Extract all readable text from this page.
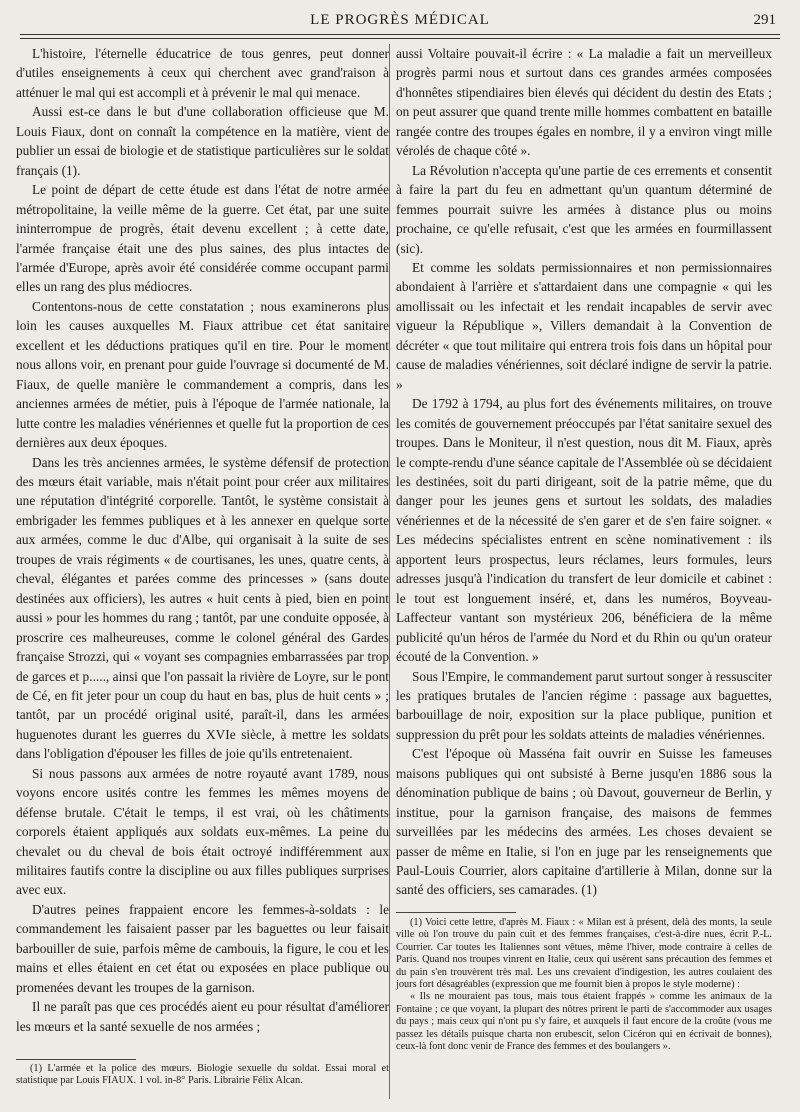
LE PROGRÈS MÉDICAL	291

L'histoire, l'éternelle éducatrice de tous genres, peut donner d'utiles enseignements à ceux qui cherchent avec grand'raison à atténuer le mal qui est accompli et à prévenir le mal qui menace.

Aussi est-ce dans le but d'une collaboration officieuse que M. Louis Fiaux, dont on connaît la compétence en la matière, vient de publier un essai de biologie et de statistique particulières sur le soldat français (1).

Le point de départ de cette étude est dans l'état de notre armée métropolitaine, la veille même de la guerre. Cet état, par une suite ininterrompue de progrès, était devenu excellent ; à cette date, l'armée française était une des plus saines, des plus intactes de l'armée d'Europe, après avoir été considérée comme occupant parmi elles un rang des plus médiocres.

Contentons-nous de cette constatation ; nous examinerons plus loin les causes auxquelles M. Fiaux attribue cet état sanitaire excellent et les déductions pratiques qu'il en tire. Pour le moment nous allons voir, en prenant pour guide l'ouvrage si documenté de M. Fiaux, de quelle manière le commandement a compris, dans les anciennes armées de métier, puis à l'époque de l'armée nationale, la lutte contre les maladies vénériennes et quelle fut la proportion de ces dernières aux deux époques.

Dans les très anciennes armées, le système défensif de protection des mœurs était variable, mais n'était point pour créer aux militaires une réputation d'intégrité corporelle. Tantôt, le système consistait à embrigader les femmes publiques et à les annexer en quelque sorte aux armées, comme le duc d'Albe, qui organisait à la suite de ses troupes de vrais régiments « de courtisanes, les unes, quatre cents, à cheval, élégantes et parées comme des princesses » (sans doute destinées aux officiers), les autres « huit cents à pied, bien en point aussi » pour les hommes du rang ; tantôt, par une conduite opposée, à proscrire ces malheureuses, comme le colonel général des Gardes française Strozzi, qui « voyant ses compagnies embarrassées par trop de garces et p....., ainsi que l'on passait la rivière de Loyre, sur le pont de Cé, en fit jeter pour un coup du haut en bas, plus de huit cents » ; tantôt, par un procédé original usité, paraît-il, dans les armées huguenotes durant les guerres du XVIe siècle, à mettre les soldats dans l'obligation d'épouser les filles de joie qu'ils entretenaient.

Si nous passons aux armées de notre royauté avant 1789, nous voyons encore usités contre les femmes les mêmes moyens de défense brutale. C'était le temps, il est vrai, où les châtiments corporels étaient appliqués aux soldats eux-mêmes. La peine du chevalet ou du cheval de bois était octroyé indifféremment aux militaires fautifs contre la discipline ou aux filles publiques surprises avec eux.

D'autres peines frappaient encore les femmes-à-soldats : le commandement les faisaient passer par les baguettes ou leur faisait barbouiller de suie, parfois même de cambouis, la figure, le cou et les mains et elles étaient en cet état ou exposées en place publique ou promenées devant les troupes de la garnison.

Il ne paraît pas que ces procédés aient eu pour résultat d'améliorer les mœurs et la santé sexuelle de nos armées ;

aussi Voltaire pouvait-il écrire : « La maladie a fait un merveilleux progrès parmi nous et surtout dans ces grandes armées composées d'honnêtes stipendiaires bien élevés qui décident du destin des Etats ; on peut assurer que quand trente mille hommes combattent en bataille rangée contre des troupes égales en nombre, il y a environ vingt mille vérolés de chaque côté ».

La Révolution n'accepta qu'une partie de ces errements et consentit à faire la part du feu en admettant qu'un quantum déterminé de femmes pourrait suivre les armées à distance plus ou moins prochaine, ce qu'elle refusait, c'est que les armées en fourmillassent (sic).

Et comme les soldats permissionnaires et non permissionnaires abondaient à l'arrière et s'attardaient dans une compagnie « qui les amollissait ou les infectait et les rendait incapables de servir avec vigueur la République », Villers demandait à la Convention de décréter « que tout militaire qui entrera trois fois dans un hôpital pour cause de maladies vénériennes, soit déclaré indigne de servir la patrie. »

De 1792 à 1794, au plus fort des événements militaires, on trouve les comités de gouvernement préoccupés par l'état sanitaire sexuel des troupes. Dans le Moniteur, il n'est question, nous dit M. Fiaux, après le compte-rendu d'une séance capitale de l'Assemblée où se décidaient les destinées, soit du parti dirigeant, soit de la patrie même, que du danger pour les jeunes gens et surtout les soldats, des maladies vénériennes et de la nécessité de s'en garer et de s'en faire soigner. « Les médecins spécialistes entrent en scène nominativement : ils apportent leurs prospectus, leurs réclames, leurs formules, leurs adresses jusqu'à l'indication du transfert de leur domicile et cabinet : le tout est longuement inséré, et, dans les numéros, Boyveau-Laffecteur vantant son mystérieux 206, bénéficiera de la même publicité qu'un héros de l'armée du Nord et du Rhin ou qu'un orateur écouté de la Convention. »

Sous l'Empire, le commandement parut surtout songer à ressusciter les pratiques brutales de l'ancien régime : passage aux baguettes, barbouillage de noir, exposition sur la place publique, punition et suppression du prêt pour les soldats atteints de maladies vénériennes.

C'est l'époque où Masséna fait ouvrir en Suisse les fameuses maisons publiques qui ont subsisté à Berne jusqu'en 1886 sous la dénomination publique de bains ; où Davout, gouverneur de Berlin, y institue, pour la garnison française, des maisons de femmes surveillées par les médecins des armées. Les choses devaient se passer de même en Italie, si l'on en juge par les renseignements que Paul-Louis Courrier, alors capitaine d'artillerie à Milan, donne sur la santé des officiers, ses camarades. (1)

(1) L'armée et la police des mœurs. Biologie sexuelle du soldat. Essai moral et statistique par Louis FIAUX. 1 vol. in-8° Paris. Librairie Félix Alcan.

(1) Voici cette lettre, d'après M. Fiaux : « Milan est à présent, delà des monts, la seule ville où l'on trouve du pain cuit et des femmes françaises, c'est-à-dire nues, écrit P.-L. Courrier. Car toutes les Italiennes sont vêtues, même l'hiver, mode contraire à celles de Paris. Quand nos troupes vinrent en Italie, ceux qui usèrent sans précaution des femmes et du pain s'en trouvèrent très mal. Les uns crevaient d'indigestion, les autres coulaient des jours fort désagréables (expression que me fournit bien à propos le style moderne) :

« Ils ne mouraient pas tous, mais tous étaient frappés » comme les animaux de la Fontaine ; ce que voyant, la plupart des nôtres prirent le parti de s'accommoder aux usages du pays ; mais ceux qui n'ont pu s'y faire, et auxquels il faut encore de la croûte (vous me passez les détails puisque charta non erubescit, selon Cicéron qui en écrivait de bonnes), ceux-là font donc venir de France des femmes et des boulangers ».
